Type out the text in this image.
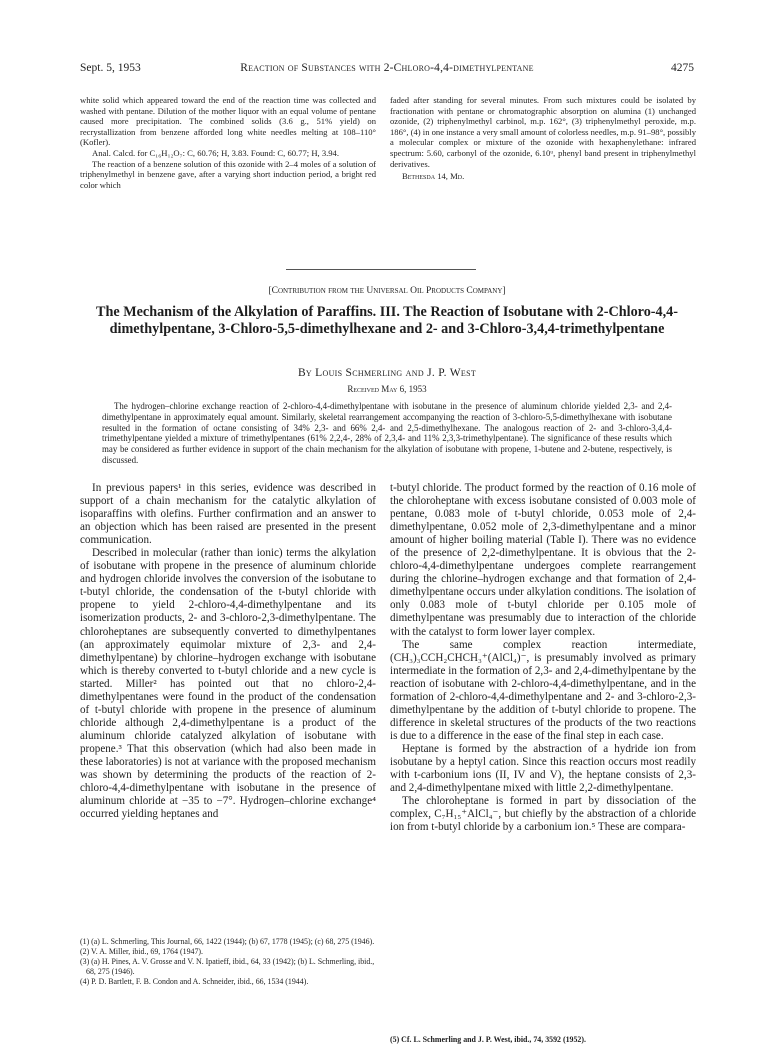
Sept. 5, 1953	Reaction of Substances with 2-Chloro-4,4-dimethylpentane	4275

white solid which appeared toward the end of the reaction time was collected and washed with pentane. Dilution of the mother liquor with an equal volume of pentane caused more precipitation. The combined solids (3.6 g., 51% yield) on recrystallization from benzene afforded long white needles melting at 108–110° (Kofler).

Anal. Calcd. for C₁₆H₁₂O₇: C, 60.76; H, 3.83. Found: C, 60.77; H, 3.94.

The reaction of a benzene solution of this ozonide with 2–4 moles of a solution of triphenylmethyl in benzene gave, after a varying short induction period, a bright red color which

faded after standing for several minutes. From such mixtures could be isolated by fractionation with pentane or chromatographic absorption on alumina (1) unchanged ozonide, (2) triphenylmethyl carbinol, m.p. 162°, (3) triphenylmethyl peroxide, m.p. 186°, (4) in one instance a very small amount of colorless needles, m.p. 91–98°, possibly a molecular complex or mixture of the ozonide with hexaphenylethane: infrared spectrum: 5.60, carbonyl of the ozonide, 6.10ᵘ, phenyl band present in triphenylmethyl derivatives.

Bethesda 14, Md.

[Contribution from the Universal Oil Products Company]
The Mechanism of the Alkylation of Paraffins. III. The Reaction of Isobutane with 2-Chloro-4,4-dimethylpentane, 3-Chloro-5,5-dimethylhexane and 2- and 3-Chloro-3,4,4-trimethylpentane
By Louis Schmerling and J. P. West
Received May 6, 1953
The hydrogen–chlorine exchange reaction of 2-chloro-4,4-dimethylpentane with isobutane in the presence of aluminum chloride yielded 2,3- and 2,4-dimethylpentane in approximately equal amount. Similarly, skeletal rearrangement accompanying the reaction of 3-chloro-5,5-dimethylhexane with isobutane resulted in the formation of octane consisting of 34% 2,3- and 66% 2,4- and 2,5-dimethylhexane. The analogous reaction of 2- and 3-chloro-3,4,4-trimethylpentane yielded a mixture of trimethylpentanes (61% 2,2,4-, 28% of 2,3,4- and 11% 2,3,3-trimethylpentane). The significance of these results which may be considered as further evidence in support of the chain mechanism for the alkylation of isobutane with propene, 1-butene and 2-butene, respectively, is discussed.

In previous papers¹ in this series, evidence was described in support of a chain mechanism for the catalytic alkylation of isoparaffins with olefins. Further confirmation and an answer to an objection which has been raised are presented in the present communication.

Described in molecular (rather than ionic) terms the alkylation of isobutane with propene in the presence of aluminum chloride and hydrogen chloride involves the conversion of the isobutane to t-butyl chloride, the condensation of the t-butyl chloride with propene to yield 2-chloro-4,4-dimethylpentane and its isomerization products, 2- and 3-chloro-2,3-dimethylpentane. The chloroheptanes are subsequently converted to dimethylpentanes (an approximately equimolar mixture of 2,3- and 2,4-dimethylpentane) by chlorine–hydrogen exchange with isobutane which is thereby converted to t-butyl chloride and a new cycle is started. Miller² has pointed out that no chloro-2,4-dimethylpentanes were found in the product of the condensation of t-butyl chloride with propene in the presence of aluminum chloride although 2,4-dimethylpentane is a product of the aluminum chloride catalyzed alkylation of isobutane with propene.³ That this observation (which had also been made in these laboratories) is not at variance with the proposed mechanism was shown by determining the products of the reaction of 2-chloro-4,4-dimethylpentane with isobutane in the presence of aluminum chloride at −35 to −7°. Hydrogen–chlorine exchange⁴ occurred yielding heptanes and

t-butyl chloride. The product formed by the reaction of 0.16 mole of the chloroheptane with excess isobutane consisted of 0.003 mole of pentane, 0.083 mole of t-butyl chloride, 0.053 mole of 2,4-dimethylpentane, 0.052 mole of 2,3-dimethylpentane and a minor amount of higher boiling material (Table I). There was no evidence of the presence of 2,2-dimethylpentane. It is obvious that the 2-chloro-4,4-dimethylpentane undergoes complete rearrangement during the chlorine–hydrogen exchange and that formation of 2,4-dimethylpentane occurs under alkylation conditions. The isolation of only 0.083 mole of t-butyl chloride per 0.105 mole of dimethylpentane was presumably due to interaction of the chloride with the catalyst to form lower layer complex.

The same complex reaction intermediate, (CH₃)₃CCH₂CHCH₃⁺(AlCl₄)⁻, is presumably involved as primary intermediate in the formation of 2,3- and 2,4-dimethylpentane by the reaction of isobutane with 2-chloro-4,4-dimethylpentane, and in the formation of 2-chloro-4,4-dimethylpentane and 2- and 3-chloro-2,3-dimethylpentane by the addition of t-butyl chloride to propene. The difference in skeletal structures of the products of the two reactions is due to a difference in the ease of the final step in each case.

Heptane is formed by the abstraction of a hydride ion from isobutane by a heptyl cation. Since this reaction occurs most readily with t-carbonium ions (II, IV and V), the heptane consists of 2,3- and 2,4-dimethylpentane mixed with little 2,2-dimethylpentane.

The chloroheptane is formed in part by dissociation of the complex, C₇H₁₅⁺AlCl₄⁻, but chiefly by the abstraction of a chloride ion from t-butyl chloride by a carbonium ion.⁵ These are compara-

(1) (a) L. Schmerling, This Journal, 66, 1422 (1944); (b) 67, 1778 (1945); (c) 68, 275 (1946).
(2) V. A. Miller, ibid., 69, 1764 (1947).
(3) (a) H. Pines, A. V. Grosse and V. N. Ipatieff, ibid., 64, 33 (1942); (b) L. Schmerling, ibid., 68, 275 (1946).
(4) P. D. Bartlett, F. B. Condon and A. Schneider, ibid., 66, 1534 (1944).
(5) Cf. L. Schmerling and J. P. West, ibid., 74, 3592 (1952).
